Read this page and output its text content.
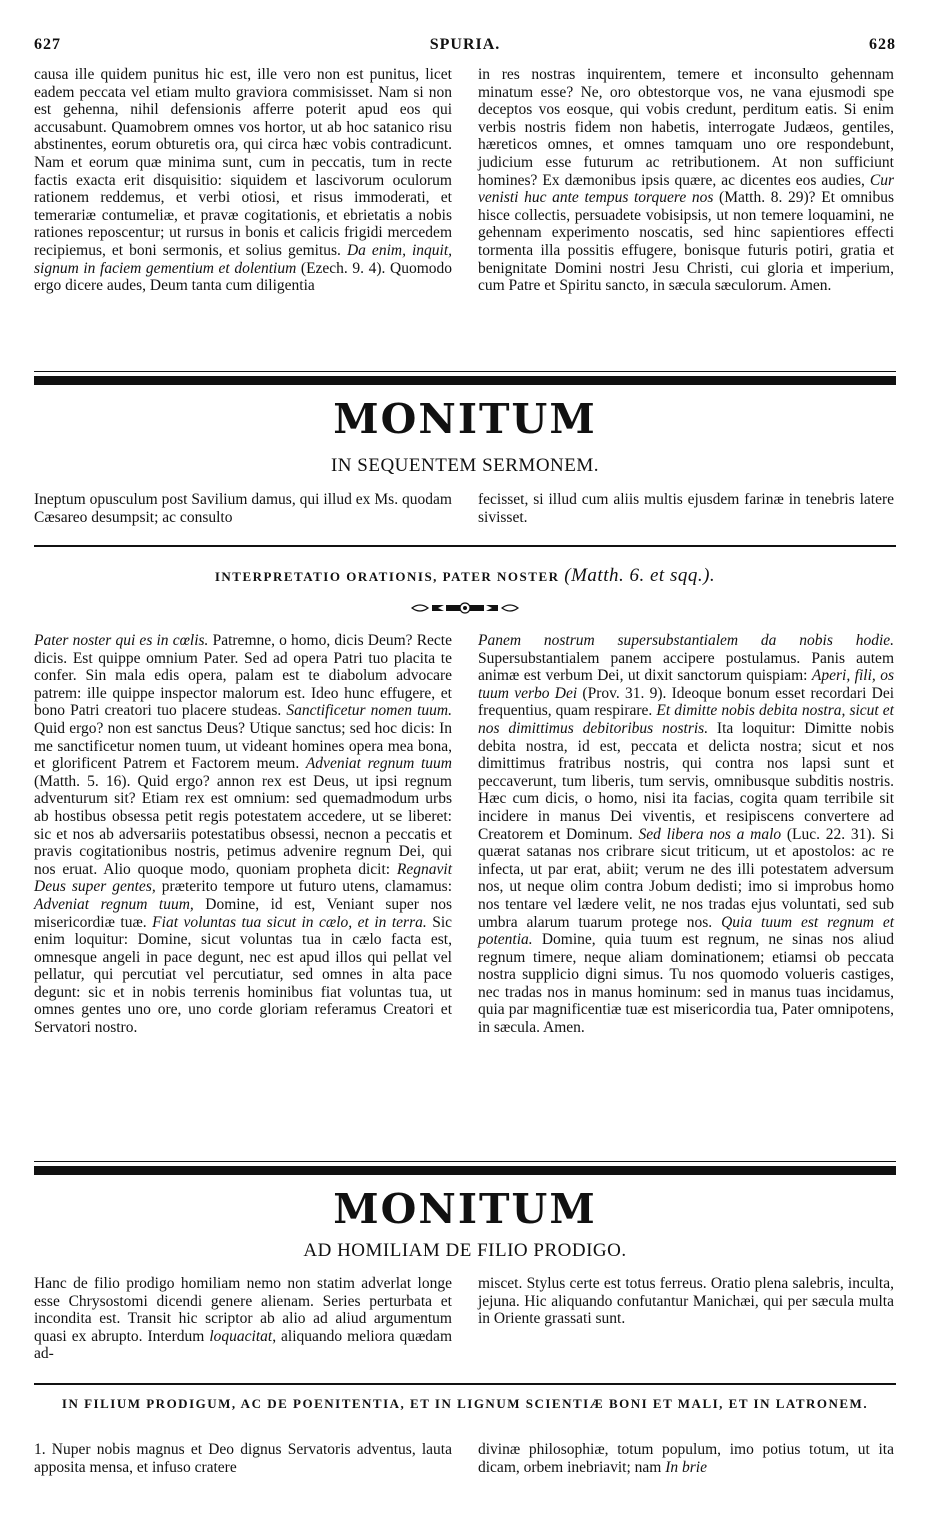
627	SPURIA.	628

causa ille quidem punitus hic est, ille vero non est punitus, licet eadem peccata vel etiam multo graviora commisisset. Nam si non est gehenna, nihil defensionis afferre poterit apud eos qui accusabunt. Quamobrem omnes vos hortor, ut ab hoc satanico risu abstinentes, eorum obturetis ora, qui circa hæc vobis contradicunt. Nam et eorum quæ minima sunt, cum in peccatis, tum in recte factis exacta erit disquisitio: siquidem et lascivorum oculorum rationem reddemus, et verbi otiosi, et risus immoderati, et temerariæ contumeliæ, et pravæ cogitationis, et ebrietatis a nobis rationes reposcentur; ut rursus in bonis et calicis frigidi mercedem recipiemus, et boni sermonis, et solius gemitus. Da enim, inquit, signum in faciem gementium et dolentium (Ezech. 9. 4). Quomodo ergo dicere audes, Deum tanta cum diligentia

in res nostras inquirentem, temere et inconsulto gehennam minatum esse? Ne, oro obtestorque vos, ne vana ejusmodi spe deceptos vos eosque, qui vobis credunt, perditum eatis. Si enim verbis nostris fidem non habetis, interrogate Judæos, gentiles, hæreticos omnes, et omnes tamquam uno ore respondebunt, judicium esse futurum ac retributionem. At non sufficiunt homines? Ex dæmonibus ipsis quære, ac dicentes eos audies, Cur venisti huc ante tempus torquere nos (Matth. 8. 29)? Et omnibus hisce collectis, persuadete vobisipsis, ut non temere loquamini, ne gehennam experimento noscatis, sed hinc sapientiores effecti tormenta illa possitis effugere, bonisque futuris potiri, gratia et benignitate Domini nostri Jesu Christi, cui gloria et imperium, cum Patre et Spiritu sancto, in sæcula sæculorum. Amen.

MONITUM
IN SEQUENTEM SERMONEM.

Ineptum opusculum post Savilium damus, qui illud ex Ms. quodam Cæsareo desumpsit; ac consulto

fecisset, si illud cum aliis multis ejusdem farinæ in tenebris latere sivisset.

INTERPRETATIO ORATIONIS, PATER NOSTER (Matth. 6. et sqq.).

Pater noster qui es in cœlis. Patremne, o homo, dicis Deum? Recte dicis. Est quippe omnium Pater. Sed ad opera Patri tuo placita te confer. Sin mala edis opera, palam est te diabolum advocare patrem: ille quippe inspector malorum est. Ideo hunc effugere, et bono Patri creatori tuo placere studeas. Sanctificetur nomen tuum. Quid ergo? non est sanctus Deus? Utique sanctus; sed hoc dicis: In me sanctificetur nomen tuum, ut videant homines opera mea bona, et glorificent Patrem et Factorem meum. Adveniat regnum tuum (Matth. 5. 16). Quid ergo? annon rex est Deus, ut ipsi regnum adventurum sit? Etiam rex est omnium: sed quemadmodum urbs ab hostibus obsessa petit regis potestatem accedere, ut se liberet: sic et nos ab adversariis potestatibus obsessi, necnon a peccatis et pravis cogitationibus nostris, petimus advenire regnum Dei, qui nos eruat. Alio quoque modo, quoniam propheta dicit: Regnavit Deus super gentes, præterito tempore ut futuro utens, clamamus: Adveniat regnum tuum, Domine, id est, Veniant super nos misericordiæ tuæ. Fiat voluntas tua sicut in cælo, et in terra. Sic enim loquitur: Domine, sicut voluntas tua in cælo facta est, omnesque angeli in pace degunt, nec est apud illos qui pellat vel pellatur, qui percutiat vel percutiatur, sed omnes in alta pace degunt: sic et in nobis terrenis hominibus fiat voluntas tua, ut omnes gentes uno ore, uno corde gloriam referamus Creatori et Servatori nostro.

Panem nostrum supersubstantialem da nobis hodie. Supersubstantialem panem accipere postulamus. Panis autem animæ est verbum Dei, ut dixit sanctorum quispiam: Aperi, fili, os tuum verbo Dei (Prov. 31. 9). Ideoque bonum esset recordari Dei frequentius, quam respirare. Et dimitte nobis debita nostra, sicut et nos dimittimus debitoribus nostris. Ita loquitur: Dimitte nobis debita nostra, id est, peccata et delicta nostra; sicut et nos dimittimus fratribus nostris, qui contra nos lapsi sunt et peccaverunt, tum liberis, tum servis, omnibusque subditis nostris. Hæc cum dicis, o homo, nisi ita facias, cogita quam terribile sit incidere in manus Dei viventis, et resipiscens convertere ad Creatorem et Dominum. Sed libera nos a malo (Luc. 22. 31). Si quærat satanas nos cribrare sicut triticum, ut et apostolos: ac re infecta, ut par erat, abiit; verum ne des illi potestatem adversum nos, ut neque olim contra Jobum dedisti; imo si improbus homo nos tentare vel lædere velit, ne nos tradas ejus voluntati, sed sub umbra alarum tuarum protege nos. Quia tuum est regnum et potentia. Domine, quia tuum est regnum, ne sinas nos aliud regnum timere, neque aliam dominationem; etiamsi ob peccata nostra supplicio digni simus. Tu nos quomodo volueris castiges, nec tradas nos in manus hominum: sed in manus tuas incidamus, quia par magnificentiæ tuæ est misericordia tua, Pater omnipotens, in sæcula. Amen.

MONITUM
AD HOMILIAM DE FILIO PRODIGO.

Hanc de filio prodigo homiliam nemo non statim adverlat longe esse Chrysostomi dicendi genere alienam. Series perturbata et incondita est. Transit hic scriptor ab alio ad aliud argumentum quasi ex abrupto. Interdum loquacitat, aliquando meliora quædam ad-

miscet. Stylus certe est totus ferreus. Oratio plena salebris, inculta, jejuna. Hic aliquando confutantur Manichæi, qui per sæcula multa in Oriente grassati sunt.

IN FILIUM PRODIGUM, AC DE POENITENTIA, ET IN LIGNUM SCIENTIÆ BONI ET MALI, ET IN LATRONEM.

1. Nuper nobis magnus et Deo dignus Servatoris adventus, lauta apposita mensa, et infuso cratere

divinæ philosophiæ, totum populum, imo potius totum, ut ita dicam, orbem inebriavit; nam In brie
